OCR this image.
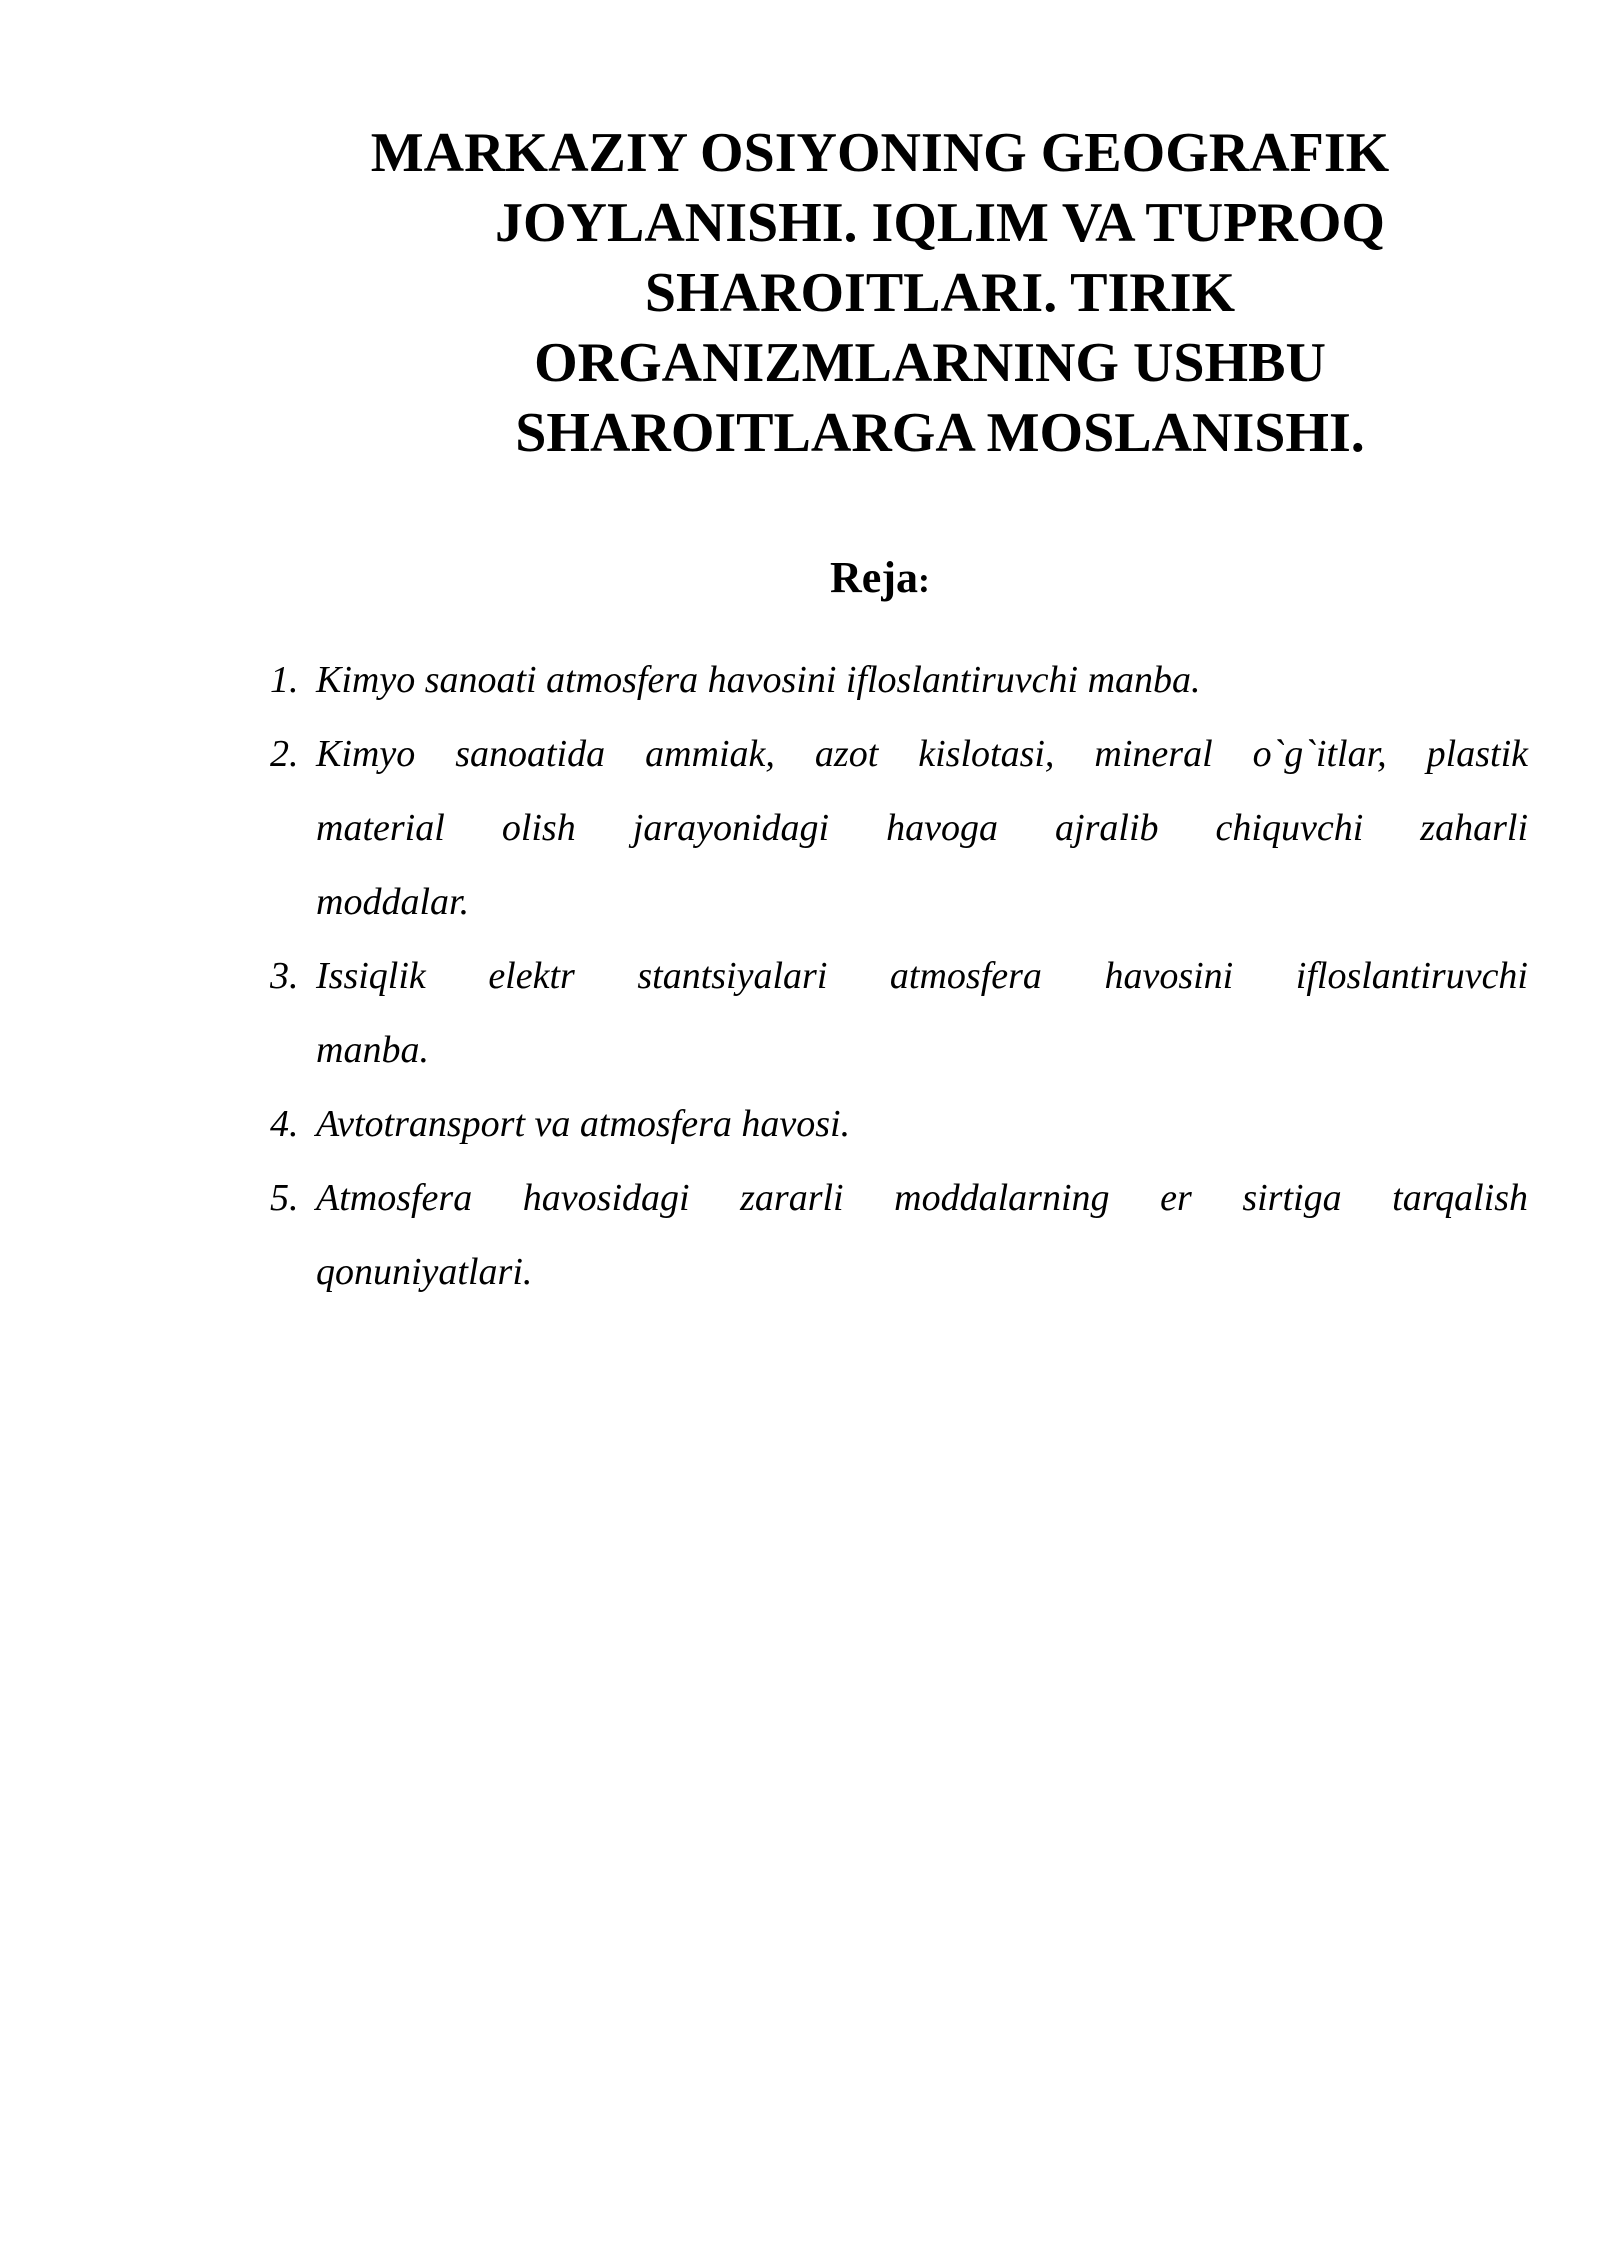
MARKAZIY OSIYONING GEOGRAFIK
JOYLANISHI. IQLIM VA TUPROQ
SHAROITLARI. TIRIK
ORGANIZMLARNING USHBU
SHAROITLARGA MOSLANISHI.
Reja:
1. Kimyo sanoati atmosfera havosini ifloslantiruvchi manba.
2. Kimyo sanoatida ammiak, azot kislotasi, mineral o`g`itlar, plastik
material olish jarayonidagi havoga ajralib chiquvchi zaharli
moddalar.
3. Issiqlik elektr stantsiyalari atmosfera havosini ifloslantiruvchi
manba.
4. Avtotransport va atmosfera havosi.
5. Atmosfera havosidagi zararli moddalarning er sirtiga tarqalish
qonuniyatlari.
